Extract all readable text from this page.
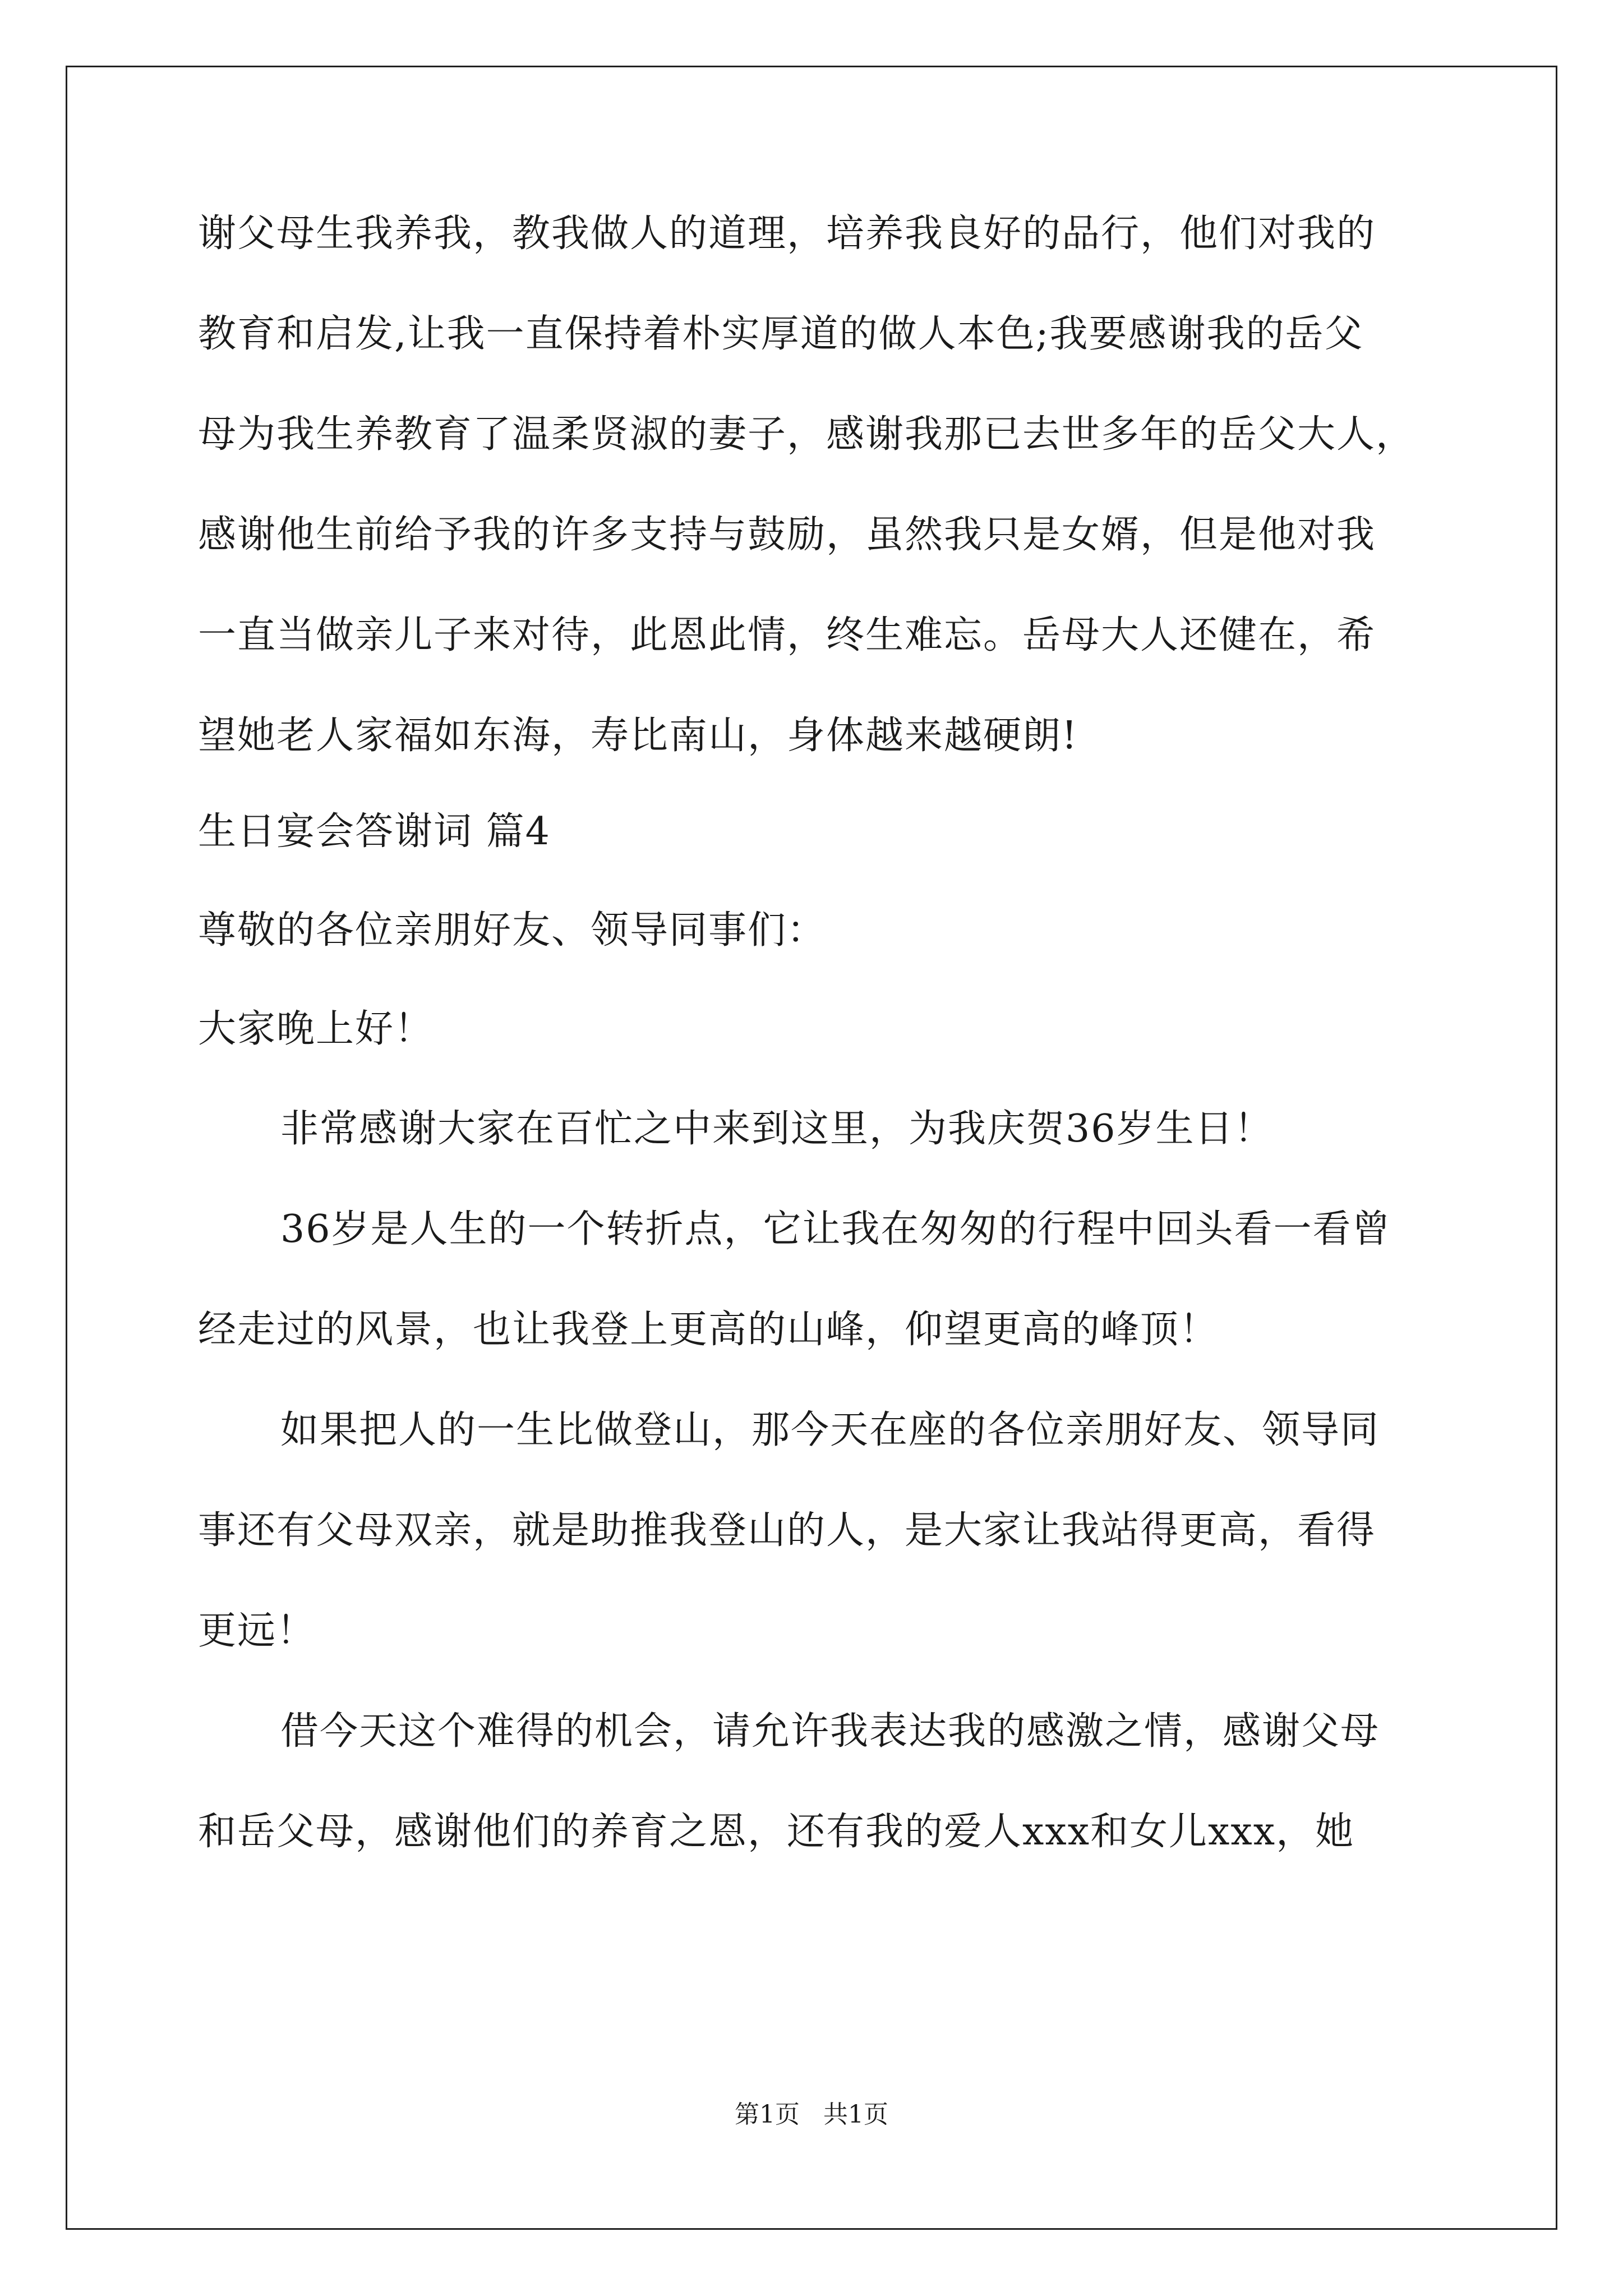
谢父母生我养我，教我做人的道理，培养我良好的品行，他们对我的
教育和启发,让我一直保持着朴实厚道的做人本色;我要感谢我的岳父
母为我生养教育了温柔贤淑的妻子，感谢我那已去世多年的岳父大人，
感谢他生前给予我的许多支持与鼓励，虽然我只是女婿，但是他对我
一直当做亲儿子来对待，此恩此情，终生难忘。岳母大人还健在，希
望她老人家福如东海，寿比南山，身体越来越硬朗!
生日宴会答谢词 篇4
尊敬的各位亲朋好友、领导同事们：
大家晚上好！
非常感谢大家在百忙之中来到这里，为我庆贺36岁生日！
36岁是人生的一个转折点，它让我在匆匆的行程中回头看一看曾
经走过的风景，也让我登上更高的山峰，仰望更高的峰顶！
如果把人的一生比做登山，那今天在座的各位亲朋好友、领导同
事还有父母双亲，就是助推我登山的人，是大家让我站得更高，看得
更远！
借今天这个难得的机会，请允许我表达我的感激之情，感谢父母
和岳父母，感谢他们的养育之恩，还有我的爱人xxx和女儿xxx，她
第1页   共1页
